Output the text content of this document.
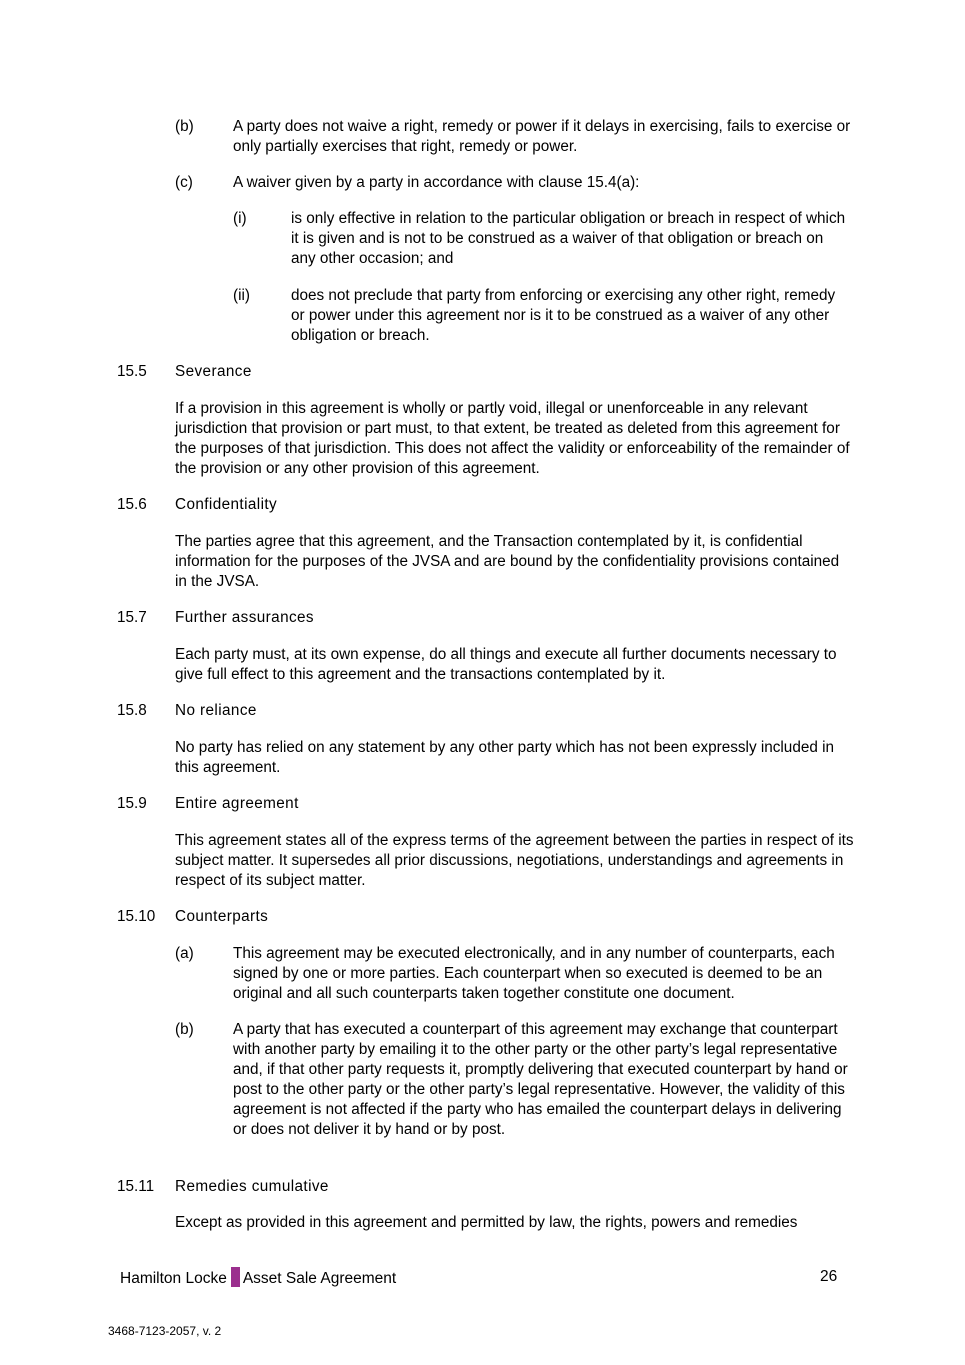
(b)	A party does not waive a right, remedy or power if it delays in exercising, fails to exercise or only partially exercises that right, remedy or power.

(c)	A waiver given by a party in accordance with clause 15.4(a):

(i)	is only effective in relation to the particular obligation or breach in respect of which it is given and is not to be construed as a waiver of that obligation or breach on any other occasion; and

(ii)	does not preclude that party from enforcing or exercising any other right, remedy or power under this agreement nor is it to be construed as a waiver of any other obligation or breach.

15.5 Severance

If a provision in this agreement is wholly or partly void, illegal or unenforceable in any relevant jurisdiction that provision or part must, to that extent, be treated as deleted from this agreement for the purposes of that jurisdiction. This does not affect the validity or enforceability of the remainder of the provision or any other provision of this agreement.

15.6 Confidentiality

The parties agree that this agreement, and the Transaction contemplated by it, is confidential information for the purposes of the JVSA and are bound by the confidentiality provisions contained in the JVSA.

15.7 Further assurances

Each party must, at its own expense, do all things and execute all further documents necessary to give full effect to this agreement and the transactions contemplated by it.

15.8 No reliance

No party has relied on any statement by any other party which has not been expressly included in this agreement.

15.9 Entire agreement

This agreement states all of the express terms of the agreement between the parties in respect of its subject matter. It supersedes all prior discussions, negotiations, understandings and agreements in respect of its subject matter.

15.10 Counterparts
(a)	This agreement may be executed electronically, and in any number of counterparts, each signed by one or more parties. Each counterpart when so executed is deemed to be an original and all such counterparts taken together constitute one document.

(b)	A party that has executed a counterpart of this agreement may exchange that counterpart with another party by emailing it to the other party or the other party’s legal representative and, if that other party requests it, promptly delivering that executed counterpart by hand or post to the other party or the other party’s legal representative. However, the validity of this agreement is not affected if the party who has emailed the counterpart delays in delivering or does not deliver it by hand or by post.

15.11 Remedies cumulative

Except as provided in this agreement and permitted by law, the rights, powers and remedies

Hamilton Locke Asset Sale Agreement	26
3468-7123-2057, v. 2
